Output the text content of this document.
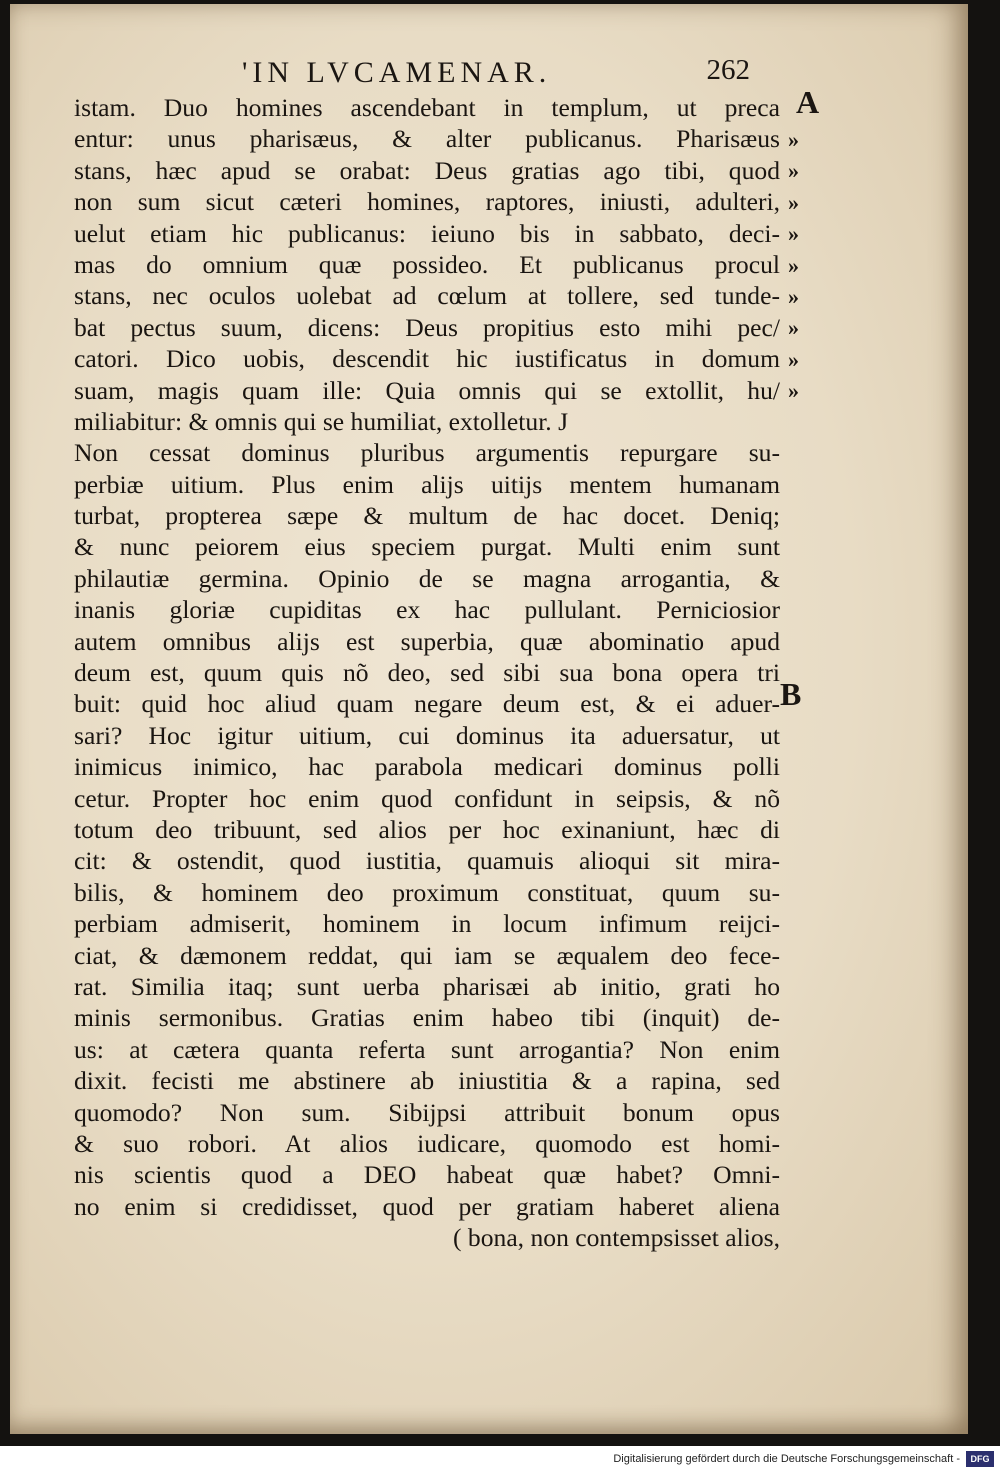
'IN LVCAMENAR.	262
A
B
»
»
»
»
»
»
»
»
»
istam. Duo homines ascendebant in templum, ut preca
entur: unus pharisæus, & alter publicanus. Pharisæus
stans, hæc apud se orabat: Deus gratias ago tibi, quod
non sum sicut cæteri homines, raptores, iniusti, adulteri,
uelut etiam hic publicanus: ieiuno bis in sabbato, deci-
mas do omnium quæ possideo. Et publicanus procul
stans, nec oculos uolebat ad cœlum at tollere, sed tunde-
bat pectus suum, dicens: Deus propitius esto mihi pec/
catori. Dico uobis, descendit hic iustificatus in domum
suam, magis quam ille: Quia omnis qui se extollit, hu/
miliabitur: & omnis qui se humiliat, extolletur. J
Non cessat dominus pluribus argumentis repurgare su-
perbiæ uitium. Plus enim alijs uitijs mentem humanam
turbat, propterea sæpe & multum de hac docet. Deniq;
& nunc peiorem eius speciem purgat. Multi enim sunt
philautiæ germina. Opinio de se magna arrogantia, &
inanis gloriæ cupiditas ex hac pullulant. Perniciosior
autem omnibus alijs est superbia, quæ abominatio apud
deum est, quum quis nõ deo, sed sibi sua bona opera tri
buit: quid hoc aliud quam negare deum est, & ei aduer-
sari? Hoc igitur uitium, cui dominus ita aduersatur, ut
inimicus inimico, hac parabola medicari dominus polli
cetur. Propter hoc enim quod confidunt in seipsis, & nõ
totum deo tribuunt, sed alios per hoc exinaniunt, hæc di
cit: & ostendit, quod iustitia, quamuis alioqui sit mira-
bilis, & hominem deo proximum constituat, quum su-
perbiam admiserit, hominem in locum infimum reijci-
ciat, & dæmonem reddat, qui iam se æqualem deo fece-
rat. Similia itaq; sunt uerba pharisæi ab initio, grati ho
minis sermonibus. Gratias enim habeo tibi (inquit) de-
us: at cætera quanta referta sunt arrogantia? Non enim
dixit. fecisti me abstinere ab iniustitia & a rapina, sed
quomodo? Non sum. Sibijpsi attribuit bonum opus
& suo robori. At alios iudicare, quomodo est homi-
nis scientis quod a DEO habeat quæ habet? Omni-
no enim si credidisset, quod per gratiam haberet aliena
( bona, non contempsisset alios,
Digitalisierung gefördert durch die Deutsche Forschungsgemeinschaft -	DFG
